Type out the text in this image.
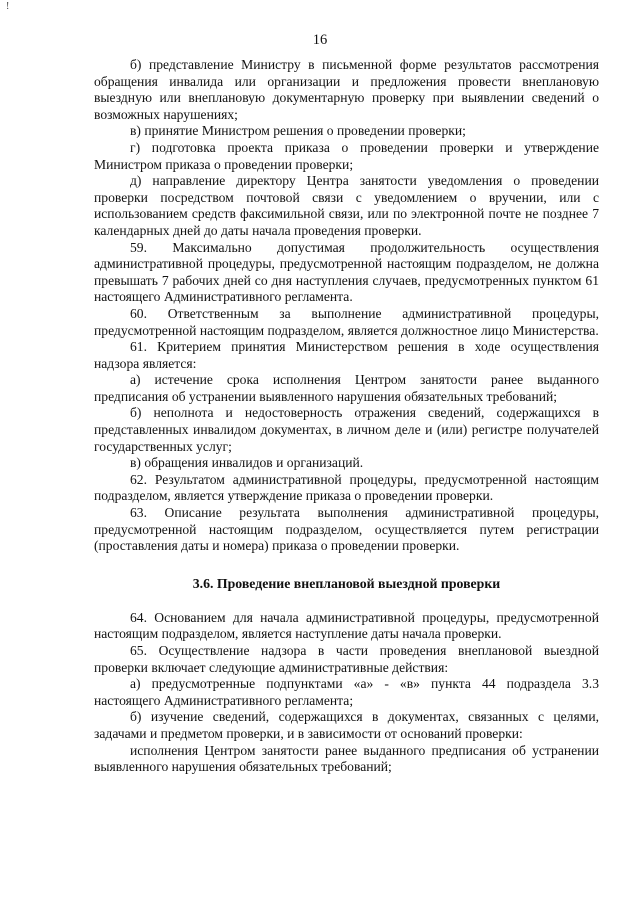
!
16

б) представление Министру в письменной форме результатов рассмотрения обращения инвалида или организации и предложения провести внеплановую выездную или внеплановую документарную проверку при выявлении сведений о возможных нарушениях;

в) принятие Министром решения о проведении проверки;

г) подготовка проекта приказа о проведении проверки и утверждение Министром приказа о проведении проверки;

д) направление директору Центра занятости уведомления о проведении проверки посредством почтовой связи с уведомлением о вручении, или с использованием средств факсимильной связи, или по электронной почте не позднее 7 календарных дней до даты начала проведения проверки.

59. Максимально допустимая продолжительность осуществления административной процедуры, предусмотренной настоящим подразделом, не должна превышать 7 рабочих дней со дня наступления случаев, предусмотренных пунктом 61 настоящего Административного регламента.

60. Ответственным за выполнение административной процедуры, предусмотренной настоящим подразделом, является должностное лицо Министерства.

61. Критерием принятия Министерством решения в ходе осуществления надзора является:

а) истечение срока исполнения Центром занятости ранее выданного предписания об устранении выявленного нарушения обязательных требований;

б) неполнота и недостоверность отражения сведений, содержащихся в представленных инвалидом документах, в личном деле и (или) регистре получателей государственных услуг;

в) обращения инвалидов и организаций.

62. Результатом административной процедуры, предусмотренной настоящим подразделом, является утверждение приказа о проведении проверки.

63. Описание результата выполнения административной процедуры, предусмотренной настоящим подразделом, осуществляется путем регистрации (проставления даты и номера) приказа о проведении проверки.

3.6. Проведение внеплановой выездной проверки

64. Основанием для начала административной процедуры, предусмотренной настоящим подразделом, является наступление даты начала проверки.

65. Осуществление надзора в части проведения внеплановой выездной проверки включает следующие административные действия:

а) предусмотренные подпунктами «а» - «в» пункта 44 подраздела 3.3 настоящего Административного регламента;

б) изучение сведений, содержащихся в документах, связанных с целями, задачами и предметом проверки, и в зависимости от оснований проверки:

исполнения Центром занятости ранее выданного предписания об устранении выявленного нарушения обязательных требований;
